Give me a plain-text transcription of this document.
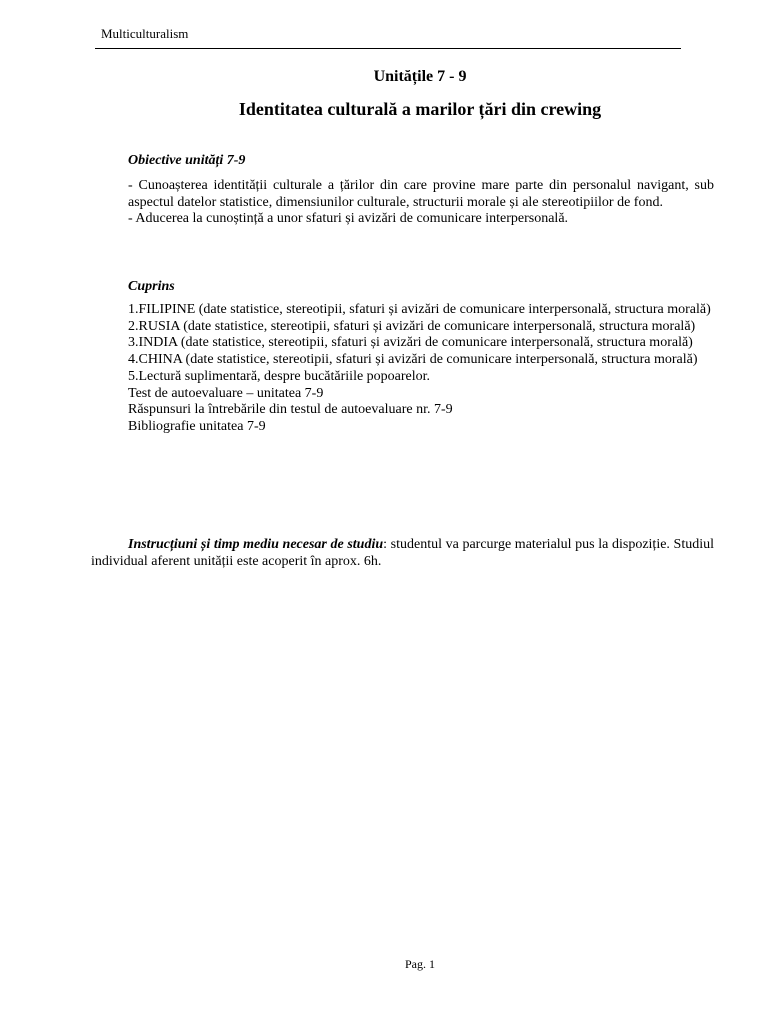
Multiculturalism
Unitățile 7 - 9
Identitatea culturală a marilor țări din crewing
Obiective unități 7-9

- Cunoașterea identității culturale a țărilor din care provine mare parte din personalul navigant, sub aspectul datelor statistice, dimensiunilor culturale, structurii morale și ale stereotipiilor de fond.

- Aducerea la cunoștință a unor sfaturi și avizări de comunicare interpersonală.

Cuprins

1.FILIPINE (date statistice, stereotipii, sfaturi și avizări de comunicare interpersonală, structura morală)

2.RUSIA (date statistice, stereotipii, sfaturi și avizări de comunicare interpersonală, structura morală)

3.INDIA (date statistice, stereotipii, sfaturi și avizări de comunicare interpersonală, structura morală)

4.CHINA (date statistice, stereotipii, sfaturi și avizări de comunicare interpersonală, structura morală)

5.Lectură suplimentară, despre bucătăriile popoarelor.

Test de autoevaluare – unitatea 7-9

Răspunsuri la întrebările din testul de autoevaluare nr. 7-9

Bibliografie unitatea 7-9

Instrucțiuni și timp mediu necesar de studiu: studentul va parcurge materialul pus la dispoziție. Studiul individual aferent unității este acoperit în aprox. 6h.

Pag. 1
